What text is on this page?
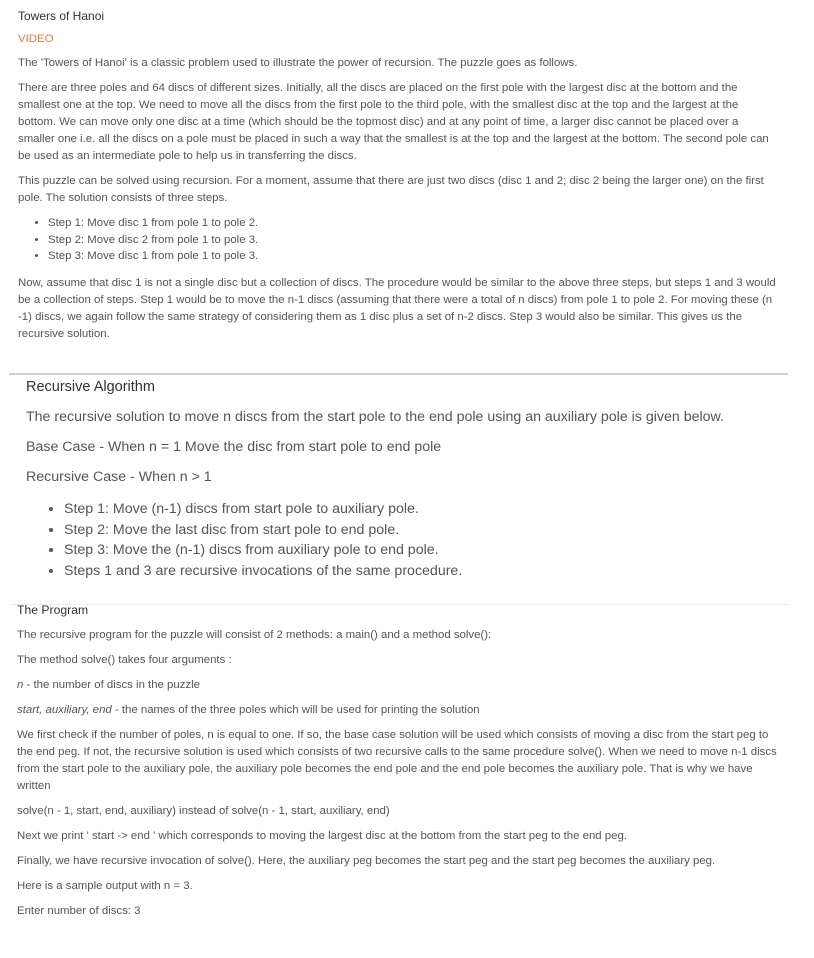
Towers of Hanoi

VIDEO

The 'Towers of Hanoi' is a classic problem used to illustrate the power of recursion. The puzzle goes as follows.

There are three poles and 64 discs of different sizes. Initially, all the discs are placed on the first pole with the largest disc at the bottom and the smallest one at the top. We need to move all the discs from the first pole to the third pole, with the smallest disc at the top and the largest at the bottom. We can move only one disc at a time (which should be the topmost disc) and at any point of time, a larger disc cannot be placed over a smaller one i.e. all the discs on a pole must be placed in such a way that the smallest is at the top and the largest at the bottom. The second pole can be used as an intermediate pole to help us in transferring the discs.

This puzzle can be solved using recursion. For a moment, assume that there are just two discs (disc 1 and 2; disc 2 being the larger one) on the first pole. The solution consists of three steps.

• Step 1: Move disc 1 from pole 1 to pole 2.
• Step 2: Move disc 2 from pole 1 to pole 3.
• Step 3: Move disc 1 from pole 1 to pole 3.

Now, assume that disc 1 is not a single disc but a collection of discs. The procedure would be similar to the above three steps, but steps 1 and 3 would be a collection of steps. Step 1 would be to move the n-1 discs (assuming that there were a total of n discs) from pole 1 to pole 2. For moving these (n -1) discs, we again follow the same strategy of considering them as 1 disc plus a set of n-2 discs. Step 3 would also be similar. This gives us the recursive solution.

Recursive Algorithm

The recursive solution to move n discs from the start pole to the end pole using an auxiliary pole is given below.

Base Case - When n = 1 Move the disc from start pole to end pole

Recursive Case - When n > 1

• Step 1: Move (n-1) discs from start pole to auxiliary pole.
• Step 2: Move the last disc from start pole to end pole.
• Step 3: Move the (n-1) discs from auxiliary pole to end pole.
• Steps 1 and 3 are recursive invocations of the same procedure.

The Program

The recursive program for the puzzle will consist of 2 methods: a main() and a method solve():

The method solve() takes four arguments :

n - the number of discs in the puzzle

start, auxiliary, end - the names of the three poles which will be used for printing the solution

We first check if the number of poles, n is equal to one. If so, the base case solution will be used which consists of moving a disc from the start peg to the end peg. If not, the recursive solution is used which consists of two recursive calls to the same procedure solve(). When we need to move n-1 discs from the start pole to the auxiliary pole, the auxiliary pole becomes the end pole and the end pole becomes the auxiliary pole. That is why we have written

solve(n - 1, start, end, auxiliary) instead of solve(n - 1, start, auxiliary, end)

Next we print ' start -> end ' which corresponds to moving the largest disc at the bottom from the start peg to the end peg.

Finally, we have recursive invocation of solve(). Here, the auxiliary peg becomes the start peg and the start peg becomes the auxiliary peg.

Here is a sample output with n = 3.

Enter number of discs: 3
